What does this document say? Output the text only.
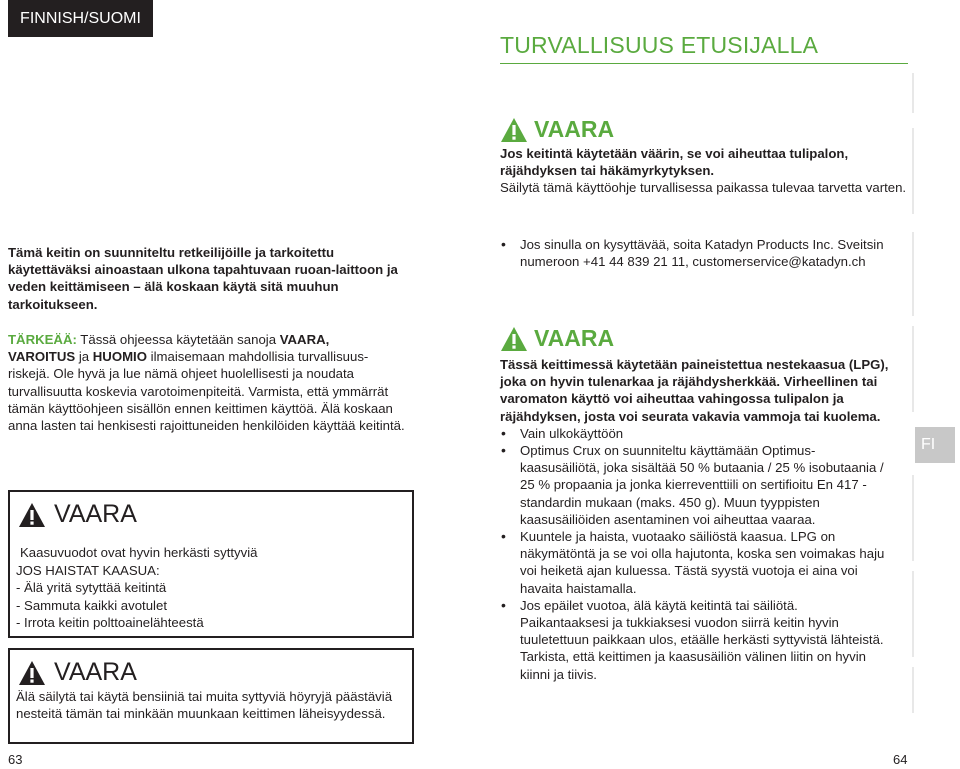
FINNISH/SUOMI
TURVALLISUUS ETUSIJALLA
FI
Tämä keitin on suunniteltu retkeilijöille ja tarkoitettu käytettäväksi ainoastaan ulkona tapahtuvaan ruoan-laittoon ja veden keittämiseen – älä koskaan käytä sitä muuhun tarkoitukseen.
TÄRKEÄÄ: Tässä ohjeessa käytetään sanoja VAARA,
VAROITUS ja HUOMIO ilmaisemaan mahdollisia turvallisuus-riskejä. Ole hyvä ja lue nämä ohjeet huolellisesti ja noudata turvallisuutta koskevia varotoimenpiteitä. Varmista, että ymmärrät tämän käyttöohjeen sisällön ennen keittimen käyttöä. Älä koskaan anna lasten tai henkisesti rajoittuneiden henkilöiden käyttää keitintä.
VAARA
Kaasuvuodot ovat hyvin herkästi syttyviä
JOS HAISTAT KAASUA:
- Älä yritä sytyttää keitintä
- Sammuta kaikki avotulet
- Irrota keitin polttoainelähteestä
VAARA
Älä säilytä tai käytä bensiiniä tai muita syttyviä höyryjä päästäviä nesteitä tämän tai minkään muunkaan keittimen läheisyydessä.
VAARA
Jos keitintä käytetään väärin, se voi aiheuttaa tulipalon, räjähdyksen tai häkämyrkytyksen.
Säilytä tämä käyttöohje turvallisessa paikassa tulevaa tarvetta varten.
• Jos sinulla on kysyttävää, soita Katadyn Products Inc. Sveitsin numeroon +41 44 839 21 11, customerservice@katadyn.ch
VAARA
Tässä keittimessä käytetään paineistettua nestekaasua (LPG), joka on hyvin tulenarkaa ja räjähdysherkkää. Virheellinen tai varomaton käyttö voi aiheuttaa vahingossa tulipalon ja räjähdyksen, josta voi seurata vakavia vammoja tai kuolema.
• Vain ulkokäyttöön
• Optimus Crux on suunniteltu käyttämään Optimus-kaasusäiliötä, joka sisältää 50 % butaania / 25 % isobutaania / 25 % propaania ja jonka kierreventtiili on sertifioitu En 417 -standardin mukaan (maks. 450 g). Muun tyyppisten kaasusäiliöiden asentaminen voi aiheuttaa vaaraa.
• Kuuntele ja haista, vuotaako säiliöstä kaasua. LPG on näkymätöntä ja se voi olla hajutonta, koska sen voimakas haju voi heiketä ajan kuluessa. Tästä syystä vuotoja ei aina voi havaita haistamalla.
• Jos epäilet vuotoa, älä käytä keitintä tai säiliötä. Paikantaaksesi ja tukkiaksesi vuodon siirrä keitin hyvin tuuletettuun paikkaan ulos, etäälle herkästi syttyvistä lähteistä. Tarkista, että keittimen ja kaasusäiliön välinen liitin on hyvin kiinni ja tiivis.
63	64
